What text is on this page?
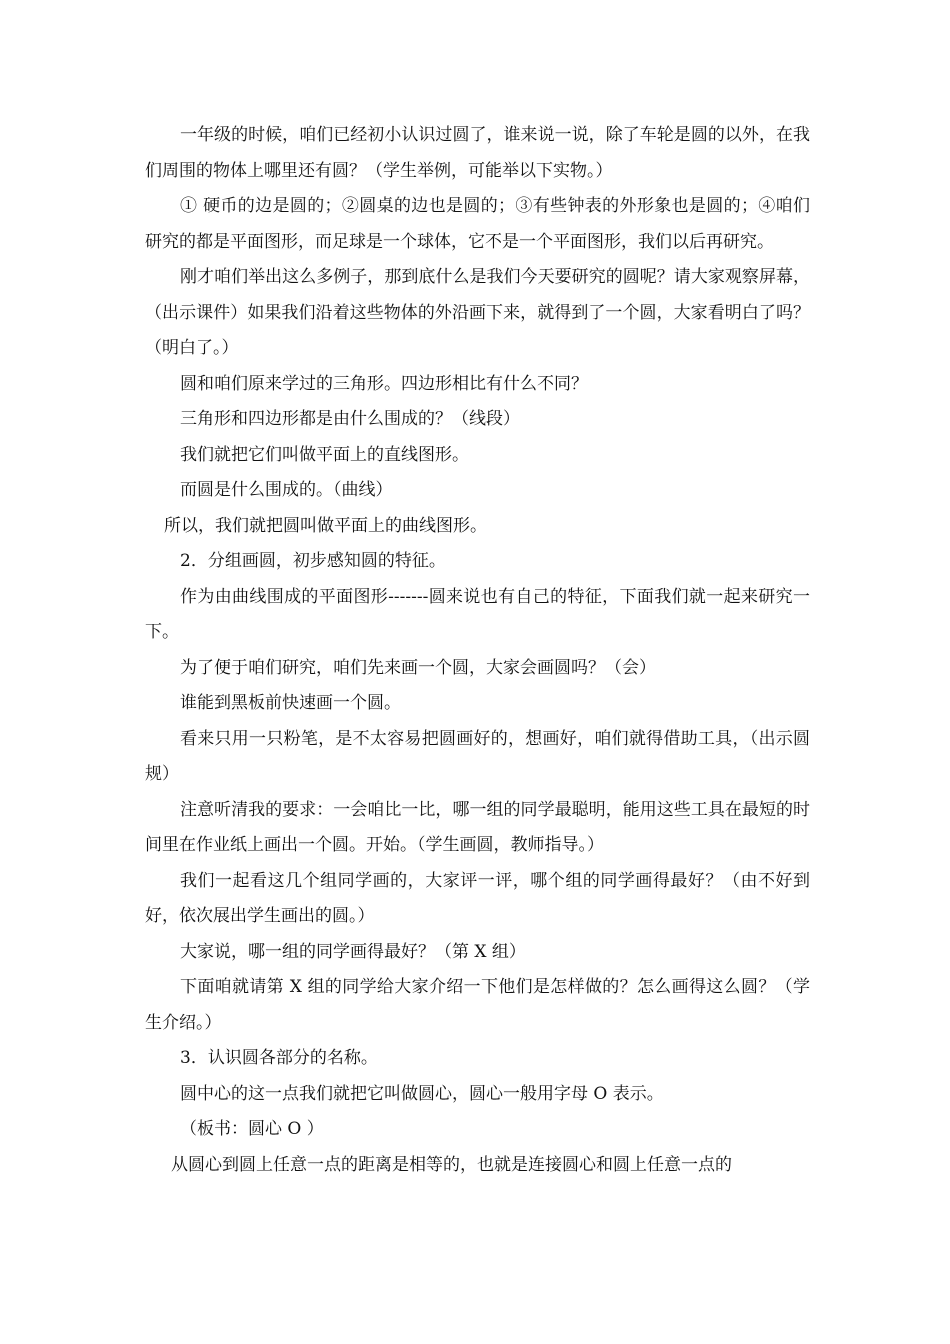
一年级的时候，咱们已经初小认识过圆了，谁来说一说，除了车轮是圆的以外，在我们周围的物体上哪里还有圆？（学生举例，可能举以下实物。）

① 硬币的边是圆的；②圆桌的边也是圆的；③有些钟表的外形象也是圆的；④咱们研究的都是平面图形，而足球是一个球体，它不是一个平面图形，我们以后再研究。

刚才咱们举出这么多例子，那到底什么是我们今天要研究的圆呢？请大家观察屏幕，（出示课件）如果我们沿着这些物体的外沿画下来，就得到了一个圆，大家看明白了吗？（明白了。）

圆和咱们原来学过的三角形。四边形相比有什么不同？

三角形和四边形都是由什么围成的？（线段）

我们就把它们叫做平面上的直线图形。

而圆是什么围成的。（曲线）

所以，我们就把圆叫做平面上的曲线图形。

2．分组画圆，初步感知圆的特征。

作为由曲线围成的平面图形-------圆来说也有自己的特征，下面我们就一起来研究一下。

为了便于咱们研究，咱们先来画一个圆，大家会画圆吗？（会）

谁能到黑板前快速画一个圆。

看来只用一只粉笔，是不太容易把圆画好的，想画好，咱们就得借助工具，（出示圆规）

注意听清我的要求：一会咱比一比，哪一组的同学最聪明，能用这些工具在最短的时间里在作业纸上画出一个圆。开始。（学生画圆，教师指导。）

我们一起看这几个组同学画的，大家评一评，哪个组的同学画得最好？（由不好到好，依次展出学生画出的圆。）

大家说，哪一组的同学画得最好？（第 X 组）

下面咱就请第 X 组的同学给大家介绍一下他们是怎样做的？怎么画得这么圆？（学生介绍。）

3．认识圆各部分的名称。

圆中心的这一点我们就把它叫做圆心，圆心一般用字母 O 表示。

（板书：圆心 O ）

从圆心到圆上任意一点的距离是相等的，也就是连接圆心和圆上任意一点的
